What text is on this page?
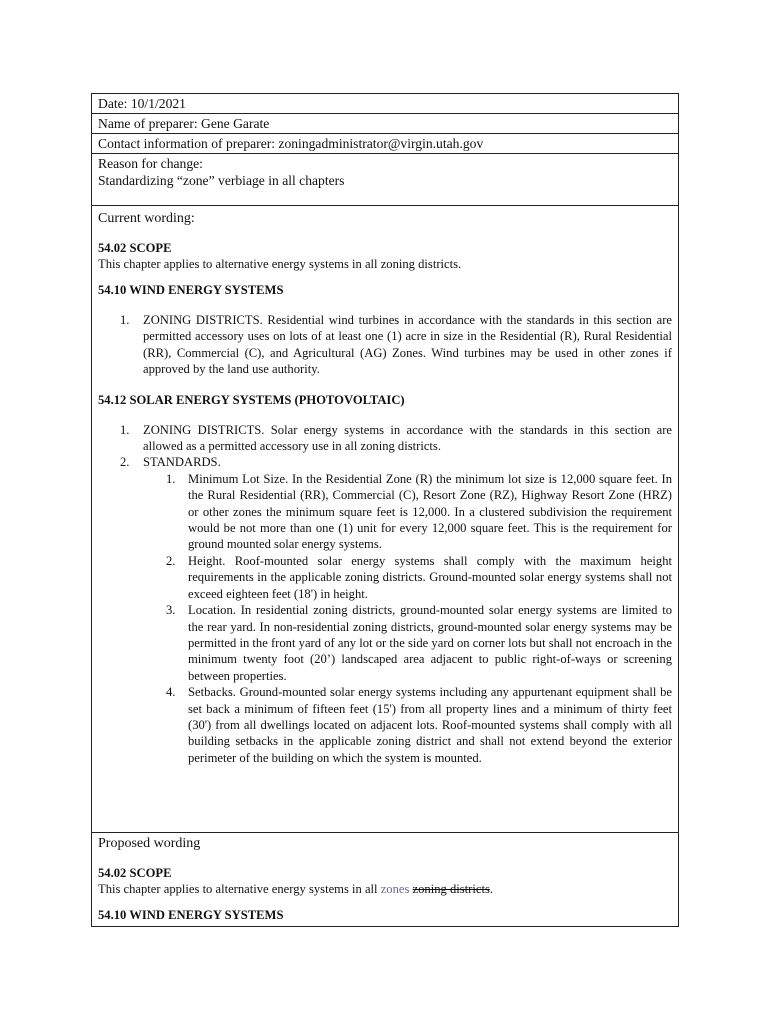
Date: 10/1/2021
Name of preparer: Gene Garate
Contact information of preparer: zoningadministrator@virgin.utah.gov
Reason for change:
Standardizing “zone” verbiage in all chapters
Current wording:
54.02 SCOPE
This chapter applies to alternative energy systems in all zoning districts.
54.10 WIND ENERGY SYSTEMS
1. ZONING DISTRICTS. Residential wind turbines in accordance with the standards in this section are permitted accessory uses on lots of at least one (1) acre in size in the Residential (R), Rural Residential (RR), Commercial (C), and Agricultural (AG) Zones. Wind turbines may be used in other zones if approved by the land use authority.
54.12 SOLAR ENERGY SYSTEMS (PHOTOVOLTAIC)
1. ZONING DISTRICTS. Solar energy systems in accordance with the standards in this section are allowed as a permitted accessory use in all zoning districts.
2. STANDARDS.
1. Minimum Lot Size. In the Residential Zone (R) the minimum lot size is 12,000 square feet. In the Rural Residential (RR), Commercial (C), Resort Zone (RZ), Highway Resort Zone (HRZ) or other zones the minimum square feet is 12,000. In a clustered subdivision the requirement would be not more than one (1) unit for every 12,000 square feet. This is the requirement for ground mounted solar energy systems.
2. Height. Roof-mounted solar energy systems shall comply with the maximum height requirements in the applicable zoning districts. Ground-mounted solar energy systems shall not exceed eighteen feet (18') in height.
3. Location. In residential zoning districts, ground-mounted solar energy systems are limited to the rear yard. In non-residential zoning districts, ground-mounted solar energy systems may be permitted in the front yard of any lot or the side yard on corner lots but shall not encroach in the minimum twenty foot (20’) landscaped area adjacent to public right-of-ways or screening between properties.
4. Setbacks. Ground-mounted solar energy systems including any appurtenant equipment shall be set back a minimum of fifteen feet (15') from all property lines and a minimum of thirty feet (30') from all dwellings located on adjacent lots. Roof-mounted systems shall comply with all building setbacks in the applicable zoning district and shall not extend beyond the exterior perimeter of the building on which the system is mounted.
Proposed wording
54.02 SCOPE
This chapter applies to alternative energy systems in all zones zoning districts.
54.10 WIND ENERGY SYSTEMS
